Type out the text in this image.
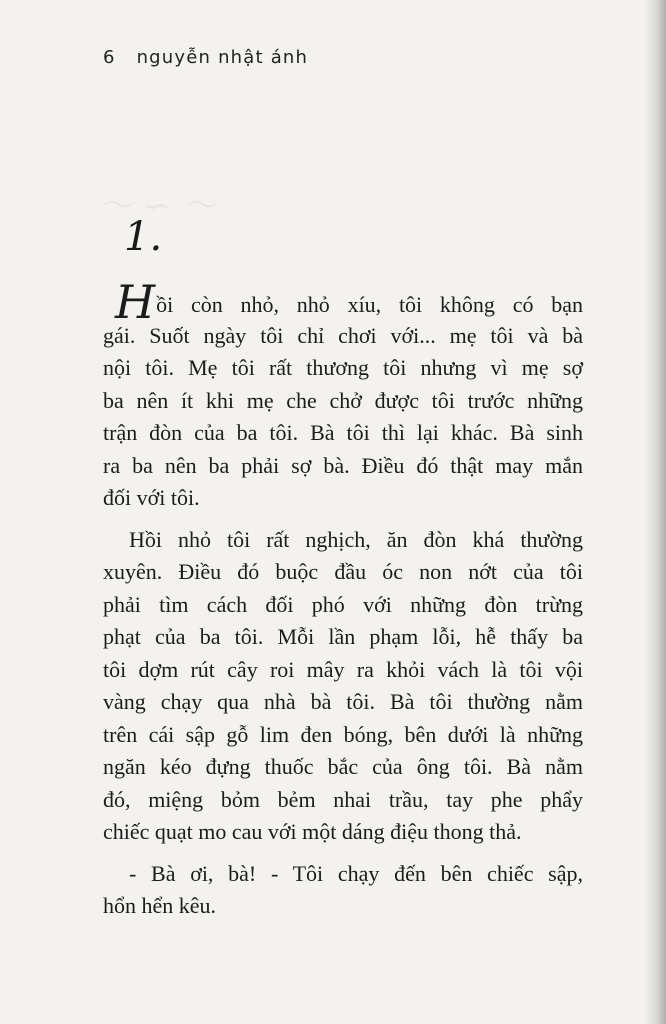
6 nguyễn nhật ánh
〜 ∽ 〜
1.
Hồi còn nhỏ, nhỏ xíu, tôi không có bạn
gái. Suốt ngày tôi chỉ chơi với... mẹ tôi và bà
nội tôi. Mẹ tôi rất thương tôi nhưng vì mẹ sợ
ba nên ít khi mẹ che chở được tôi trước những
trận đòn của ba tôi. Bà tôi thì lại khác. Bà sinh
ra ba nên ba phải sợ bà. Điều đó thật may mắn
đối với tôi.
Hồi nhỏ tôi rất nghịch, ăn đòn khá thường
xuyên. Điều đó buộc đầu óc non nớt của tôi
phải tìm cách đối phó với những đòn trừng
phạt của ba tôi. Mỗi lần phạm lỗi, hễ thấy ba
tôi dợm rút cây roi mây ra khỏi vách là tôi vội
vàng chạy qua nhà bà tôi. Bà tôi thường nằm
trên cái sập gỗ lim đen bóng, bên dưới là những
ngăn kéo đựng thuốc bắc của ông tôi. Bà nằm
đó, miệng bỏm bẻm nhai trầu, tay phe phẩy
chiếc quạt mo cau với một dáng điệu thong thả.
- Bà ơi, bà! - Tôi chạy đến bên chiếc sập,
hổn hển kêu.
